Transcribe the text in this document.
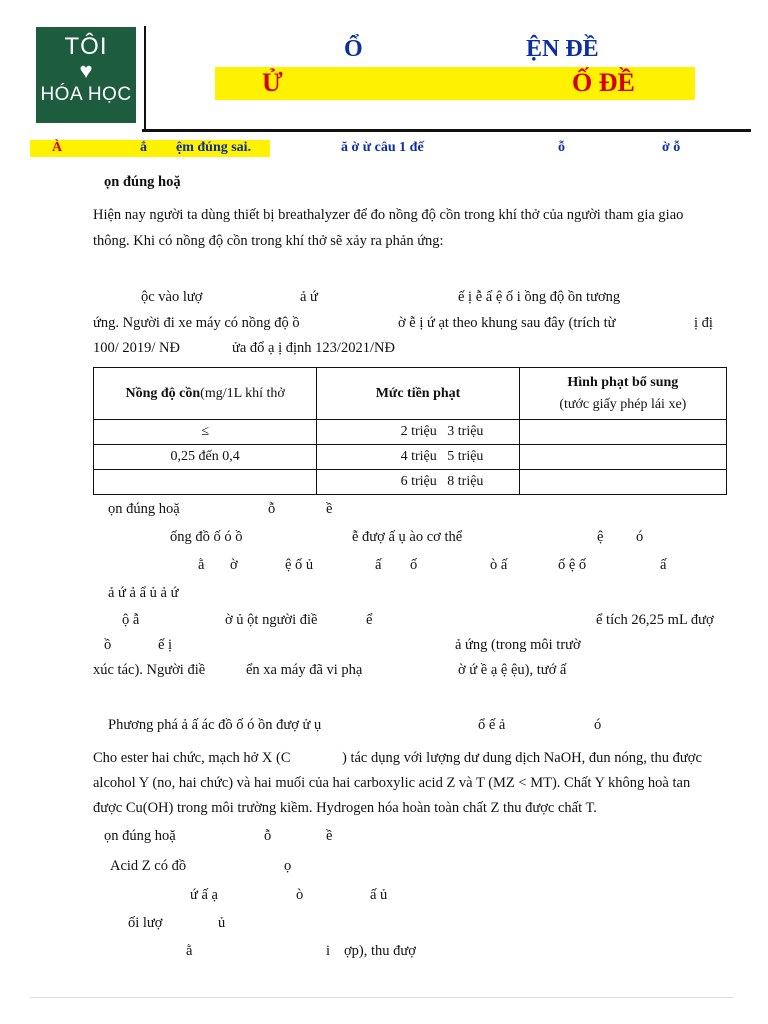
TÔI
♥
HÓA HỌC
Ổ	ỆN ĐỀ
Ử	Ố ĐỀ
À	ắ ệm đúng sai.	ă ờ ừ câu 1 đế	ỗ	ờ ỗ
ọn đúng hoặ
Hiện nay người ta dùng thiết bị breathalyzer để đo nồng độ cồn trong khí thở của người tham gia giao
thông. Khi có nồng độ cồn trong khí thở sẽ xảy ra phản ứng:
ộc vào lượ	ả ứ	ế ị ễ ấ ệ ố i ồng độ ồn tương
ứng. Người đi xe máy có nồng độ ồ	ờ ễ ị ứ ạt theo khung sau đây (trích từ	ị đị
100/ 2019/ NĐ	ửa đổ ạ ị định 123/2021/NĐ
Nồng độ cồn(mg/1L khí thở	Mức tiền phạt	Hình phạt bổ sung
(tước giấy phép lái xe)

≤	2 triệu 3 triệu	
0,25 đến 0,4	4 triệu 5 triệu	
	6 triệu 8 triệu	
ọn đúng hoặ	ỗ	ề
ống đồ ố ó ồ	ễ đượ ấ ụ ào cơ thể	ệ ó
ằ ờ	ệ ố ủ	ấ ố	ò ấ	ố ệ ố	ấ
ả ứ ả ẩ ủ ả ứ
ộ ẫ	ờ ủ ột người điề	ể	ể tích 26,25 mL đượ
ồ	ế ị	ả ứng (trong môi trườ
xúc tác). Người điề	ển xa máy đã vi phạ	ờ ứ ề ạ ệ ệu), tướ ấ
Phương phá ả ấ ác đồ ố ó ồn đượ ử ụ	ổ ế ả	ó
Cho ester hai chức, mạch hở X (C	) tác dụng với lượng dư dung dịch NaOH, đun nóng, thu được
alcohol Y (no, hai chức) và hai muối của hai carboxylic acid Z và T (MZ < MT). Chất Y không hoà tan
được Cu(OH) trong môi trường kiềm. Hydrogen hóa hoàn toàn chất Z thu được chất T.
ọn đúng hoặ	ỗ	ề
Acid Z có đồ	ọ
ứ ấ ạ	ò	ấ ủ
ối lượ	ủ
ằ	i ợp), thu đượ
